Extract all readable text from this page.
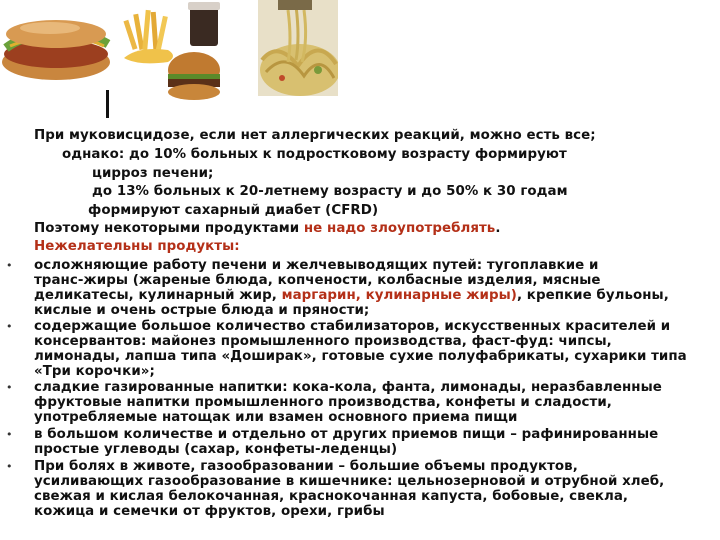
При муковисцидозе, если нет аллергических реакций, можно есть все;
однако: до 10% больных к подростковому возрасту формируют
цирроз печени;
до 13% больных к 20-летнему возрасту и до 50% к 30 годам
формируют сахарный диабет (CFRD)
Поэтому некоторыми продуктами не надо злоупотреблять.
Нежелательны продукты:
• осложняющие работу печени и желчевыводящих путей: тугоплавкие и
транс-жиры (жареные блюда, копчености, колбасные изделия, мясные
деликатесы, кулинарный жир, маргарин, кулинарные жиры), крепкие бульоны,
кислые и очень острые блюда и пряности;
• содержащие большое количество стабилизаторов, искусственных красителей и
консервантов: майонез промышленного производства, фаст-фуд: чипсы,
лимонады, лапша типа «Доширак», готовые сухие полуфабрикаты, сухарики типа
«Три корочки»;
• сладкие газированные напитки: кока-кола, фанта, лимонады, неразбавленные
фруктовые напитки промышленного производства, конфеты и сладости,
употребляемые натощак или взамен основного приема пищи
• в большом количестве и отдельно от других приемов пищи – рафинированные
простые углеводы (сахар, конфеты-леденцы)
• При болях в животе, газообразовании – большие объемы продуктов,
усиливающих газообразование в кишечнике: цельнозерновой и отрубной хлеб,
свежая и кислая белокочанная, краснокочанная капуста, бобовые, свекла,
кожица и семечки от фруктов, орехи, грибы
